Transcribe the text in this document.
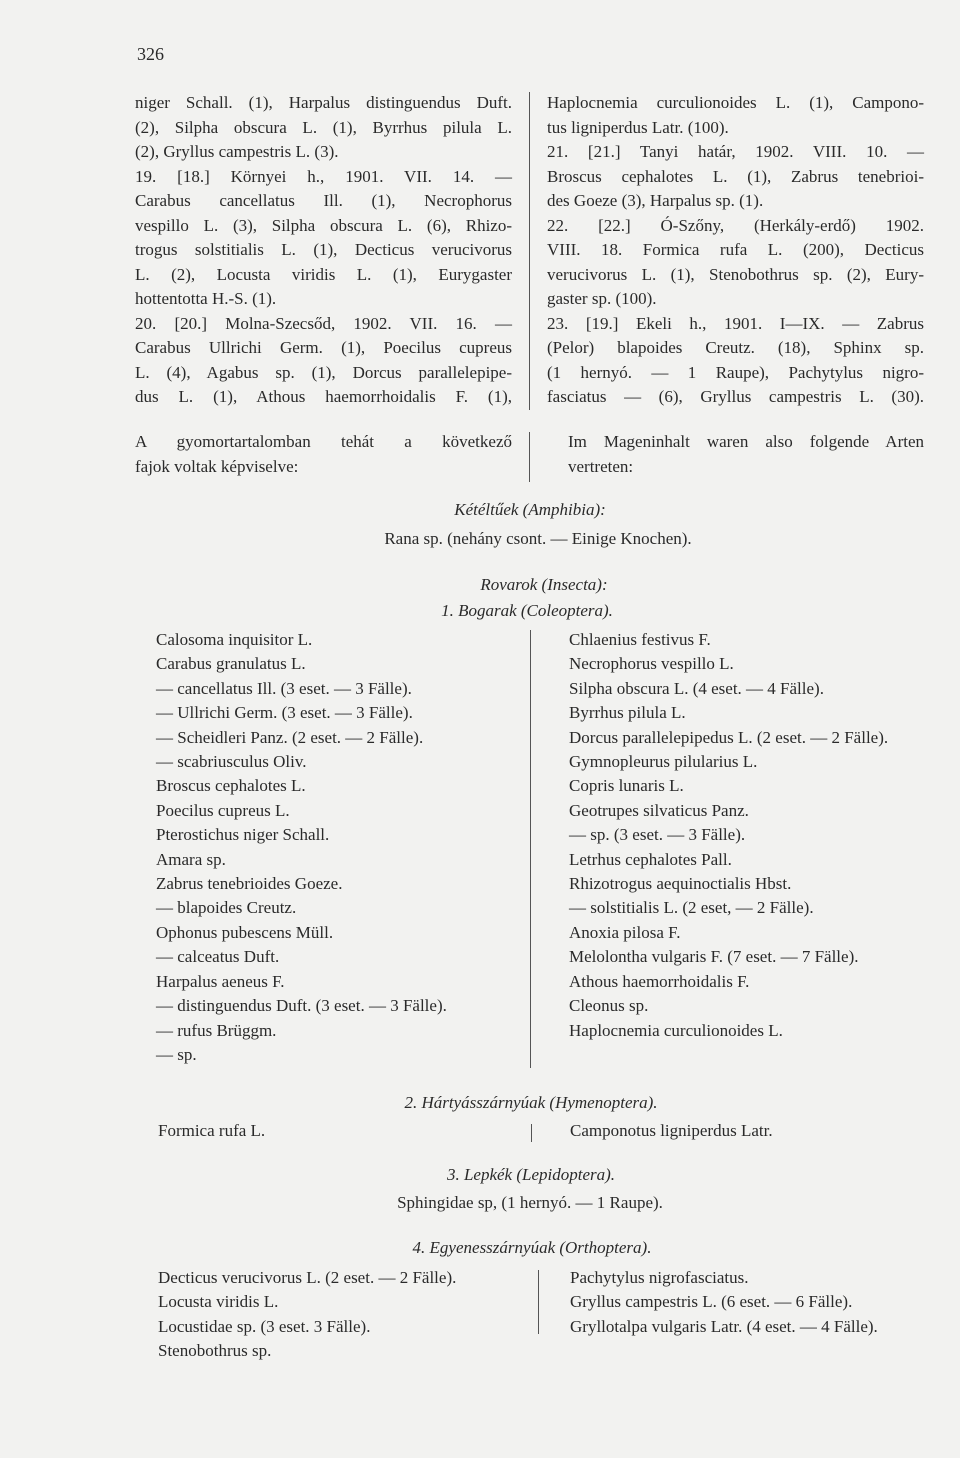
326
niger Schall. (1), Harpalus distinguendus Duft.
(2), Silpha obscura L. (1), Byrrhus pilula L.
(2), Gryllus campestris L. (3).
19. [18.] Környei h., 1901. VII. 14. —
Carabus cancellatus Ill. (1), Necrophorus
vespillo L. (3), Silpha obscura L. (6), Rhizo-
trogus solstitialis L. (1), Decticus verucivorus
L. (2), Locusta viridis L. (1), Eurygaster
hottentotta H.-S. (1).
20. [20.] Molna-Szecsőd, 1902. VII. 16. —
Carabus Ullrichi Germ. (1), Poecilus cupreus
L. (4), Agabus sp. (1), Dorcus parallelepipe-
dus L. (1), Athous haemorrhoidalis F. (1),
Haplocnemia curculionoides L. (1), Campono-
tus ligniperdus Latr. (100).
21. [21.] Tanyi határ, 1902. VIII. 10. —
Broscus cephalotes L. (1), Zabrus tenebrioi-
des Goeze (3), Harpalus sp. (1).
22. [22.] Ó-Szőny, (Herkály-erdő) 1902.
VIII. 18. Formica rufa L. (200), Decticus
verucivorus L. (1), Stenobothrus sp. (2), Eury-
gaster sp. (100).
23. [19.] Ekeli h., 1901. I—IX. — Zabrus
(Pelor) blapoides Creutz. (18), Sphinx sp.
(1 hernyó. — 1 Raupe), Pachytylus nigro-
fasciatus — (6), Gryllus campestris L. (30).
A gyomortartalomban tehát a következő
fajok voltak képviselve:
Im Mageninhalt waren also folgende Arten
vertreten:
Kétéltűek (Amphibia):
Rana sp. (nehány csont. — Einige Knochen).
Rovarok (Insecta):
1. Bogarak (Coleoptera).
Calosoma inquisitor L.
Carabus granulatus L.
— cancellatus Ill. (3 eset. — 3 Fälle).
— Ullrichi Germ. (3 eset. — 3 Fälle).
— Scheidleri Panz. (2 eset. — 2 Fälle).
— scabriusculus Oliv.
Broscus cephalotes L.
Poecilus cupreus L.
Pterostichus niger Schall.
Amara sp.
Zabrus tenebrioides Goeze.
— blapoides Creutz.
Ophonus pubescens Müll.
— calceatus Duft.
Harpalus aeneus F.
— distinguendus Duft. (3 eset. — 3 Fälle).
— rufus Brüggm.
— sp.
Chlaenius festivus F.
Necrophorus vespillo L.
Silpha obscura L. (4 eset. — 4 Fälle).
Byrrhus pilula L.
Dorcus parallelepipedus L. (2 eset. — 2 Fälle).
Gymnopleurus pilularius L.
Copris lunaris L.
Geotrupes silvaticus Panz.
— sp. (3 eset. — 3 Fälle).
Letrhus cephalotes Pall.
Rhizotrogus aequinoctialis Hbst.
— solstitialis L. (2 eset, — 2 Fälle).
Anoxia pilosa F.
Melolontha vulgaris F. (7 eset. — 7 Fälle).
Athous haemorrhoidalis F.
Cleonus sp.
Haplocnemia curculionoides L.
2. Hártyásszárnyúak (Hymenoptera).
Formica rufa L.	Camponotus ligniperdus Latr.
3. Lepkék (Lepidoptera).
Sphingidae sp, (1 hernyó. — 1 Raupe).
4. Egyenesszárnyúak (Orthoptera).
Decticus verucivorus L. (2 eset. — 2 Fälle).
Locusta viridis L.
Locustidae sp. (3 eset. 3 Fälle).
Stenobothrus sp.
Pachytylus nigrofasciatus.
Gryllus campestris L. (6 eset. — 6 Fälle).
Gryllotalpa vulgaris Latr. (4 eset. — 4 Fälle).
